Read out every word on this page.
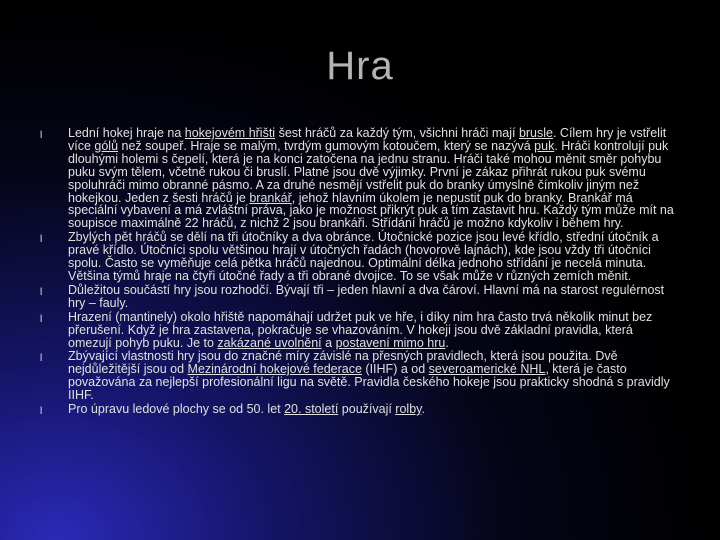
Hra
l Lední hokej hraje na hokejovém hřišti šest hráčů za každý tým, všichni hráči mají brusle. Cílem hry je vstřelit více gólů než soupeř. Hraje se malým, tvrdým gumovým kotoučem, který se nazývá puk. Hráči kontrolují puk dlouhými holemi s čepelí, která je na konci zatočena na jednu stranu. Hráči také mohou měnit směr pohybu puku svým tělem, včetně rukou či bruslí. Platné jsou dvě výjimky. První je zákaz přihrát rukou puk svému spoluhráči mimo obranné pásmo. A za druhé nesmějí vstřelit puk do branky úmyslně čímkoliv jiným než hokejkou. Jeden z šesti hráčů je brankář, jehož hlavním úkolem je nepustit puk do branky. Brankář má speciální vybavení a má zvláštní práva, jako je možnost přikrýt puk a tím zastavit hru. Každý tým může mít na soupisce maximálně 22 hráčů, z nichž 2 jsou brankáři. Střídání hráčů je možno kdykoliv i během hry.
l Zbylých pět hráčů se dělí na tři útočníky a dva obránce. Útočnické pozice jsou levé křídlo, střední útočník a pravé křídlo. Útočníci spolu většinou hrají v útočných řadách (hovorově lajnách), kde jsou vždy tři útočníci spolu. Často se vyměňuje celá pětka hráčů najednou. Optimální délka jednoho střídání je necelá minuta. Většina týmů hraje na čtyři útočné řady a tři obrané dvojice. To se však může v různých zemích měnit.
l Důležitou součástí hry jsou rozhodčí. Bývají tři – jeden hlavní a dva čároví. Hlavní má na starost regulérnost hry – fauly.
l Hrazení (mantinely) okolo hřiště napomáhají udržet puk ve hře, i díky nim hra často trvá několik minut bez přerušení. Když je hra zastavena, pokračuje se vhazováním. V hokeji jsou dvě základní pravidla, která omezují pohyb puku. Je to zakázané uvolnění a postavení mimo hru.
l Zbývající vlastnosti hry jsou do značné míry závislé na přesných pravidlech, která jsou použita. Dvě nejdůležitější jsou od Mezinárodní hokejové federace (IIHF) a od severoamerické NHL, která je často považována za nejlepší profesionální ligu na světě. Pravidla českého hokeje jsou prakticky shodná s pravidly IIHF.
l Pro úpravu ledové plochy se od 50. let 20. století používají rolby.
